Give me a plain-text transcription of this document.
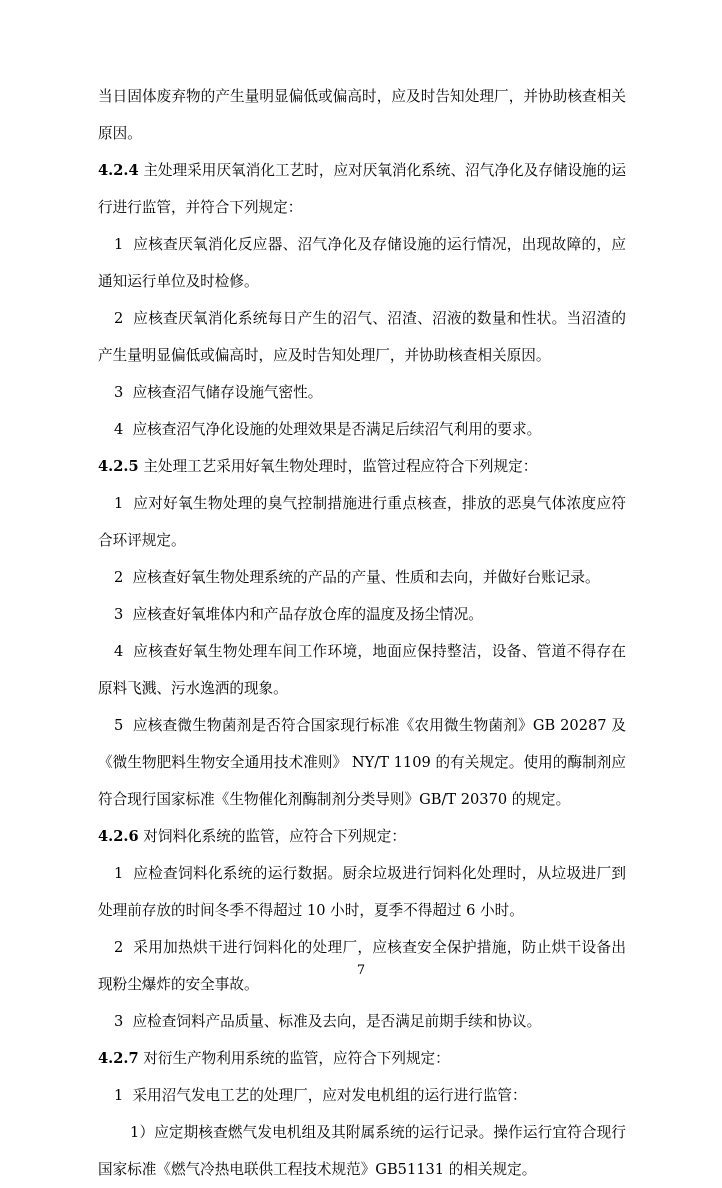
当日固体废弃物的产生量明显偏低或偏高时，应及时告知处理厂，并协助核查相关原因。

4.2.4 主处理采用厌氧消化工艺时，应对厌氧消化系统、沼气净化及存储设施的运行进行监管，并符合下列规定：

1  应核查厌氧消化反应器、沼气净化及存储设施的运行情况，出现故障的，应通知运行单位及时检修。

2  应核查厌氧消化系统每日产生的沼气、沼渣、沼液的数量和性状。当沼渣的产生量明显偏低或偏高时，应及时告知处理厂，并协助核查相关原因。

3  应核查沼气储存设施气密性。

4  应核查沼气净化设施的处理效果是否满足后续沼气利用的要求。

4.2.5 主处理工艺采用好氧生物处理时，监管过程应符合下列规定：

1  应对好氧生物处理的臭气控制措施进行重点核查，排放的恶臭气体浓度应符合环评规定。

2  应核查好氧生物处理系统的产品的产量、性质和去向，并做好台账记录。

3  应核查好氧堆体内和产品存放仓库的温度及扬尘情况。

4  应核查好氧生物处理车间工作环境，地面应保持整洁，设备、管道不得存在原料飞溅、污水逸洒的现象。

5  应核查微生物菌剂是否符合国家现行标准《农用微生物菌剂》GB 20287 及《微生物肥料生物安全通用技术准则》 NY/T 1109 的有关规定。使用的酶制剂应符合现行国家标准《生物催化剂酶制剂分类导则》GB/T 20370 的规定。

4.2.6 对饲料化系统的监管，应符合下列规定：

1  应检查饲料化系统的运行数据。厨余垃圾进行饲料化处理时，从垃圾进厂到处理前存放的时间冬季不得超过 10 小时，夏季不得超过 6 小时。

2  采用加热烘干进行饲料化的处理厂，应核查安全保护措施，防止烘干设备出现粉尘爆炸的安全事故。

3  应检查饲料产品质量、标准及去向，是否满足前期手续和协议。

4.2.7 对衍生产物利用系统的监管，应符合下列规定：

1  采用沼气发电工艺的处理厂，应对发电机组的运行进行监管：

1）应定期核查燃气发电机组及其附属系统的运行记录。操作运行宜符合现行国家标准《燃气冷热电联供工程技术规范》GB51131 的相关规定。

7
